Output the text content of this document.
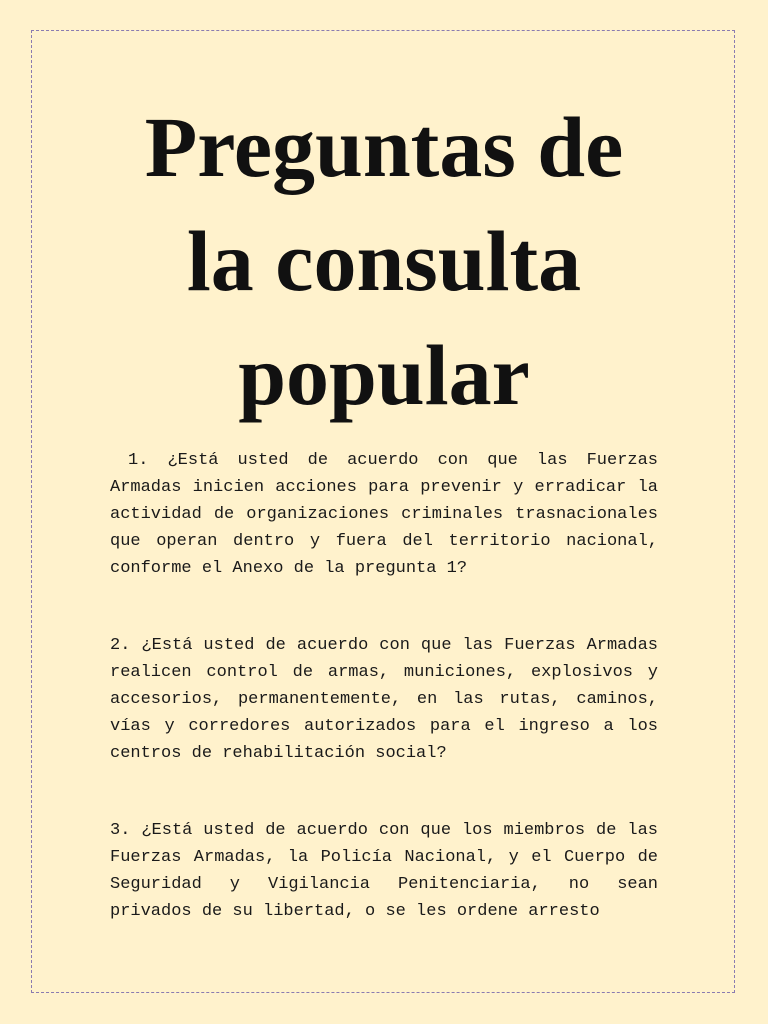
Preguntas de
la consulta
popular

1. ¿Está usted de acuerdo con que las Fuerzas Armadas inicien acciones para prevenir y erradicar la actividad de organizaciones criminales trasnacionales que operan dentro y fuera del territorio nacional, conforme el Anexo de la pregunta 1?

2. ¿Está usted de acuerdo con que las Fuerzas Armadas realicen control de armas, municiones, explosivos y accesorios, permanentemente, en las rutas, caminos, vías y corredores autorizados para el ingreso a los centros de rehabilitación social?

3. ¿Está usted de acuerdo con que los miembros de las Fuerzas Armadas, la Policía Nacional, y el Cuerpo de Seguridad y Vigilancia Penitenciaria, no sean privados de su libertad, o se les ordene arresto
